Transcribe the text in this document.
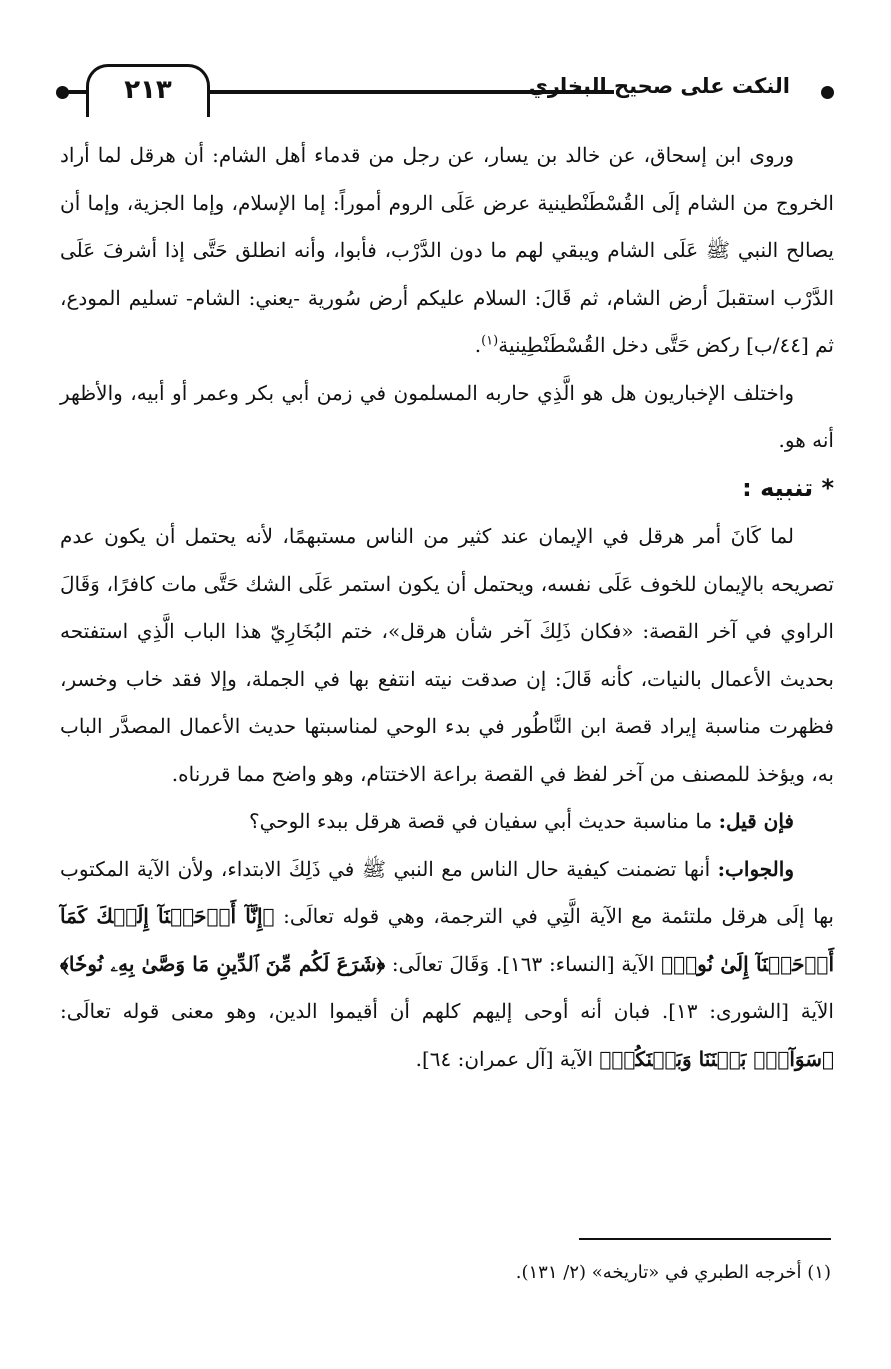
٢١٣	النكت على صحيح البخاري

وروى ابن إسحاق، عن خالد بن يسار، عن رجل من قدماء أهل الشام: أن هرقل لما أراد الخروج من الشام إلَى القُسْطَنْطينية عرض عَلَى الروم أموراً: إما الإسلام، وإما الجزية، وإما أن يصالح النبي ﷺ عَلَى الشام ويبقي لهم ما دون الدَّرْب، فأبوا، وأنه انطلق حَتَّى إذا أشرفَ عَلَى الدَّرْب استقبلَ أرض الشام، ثم قَالَ: السلام عليكم أرض سُورية -يعني: الشام- تسليم المودع، ثم [٤٤/ب] ركض حَتَّى دخل القُسْطَنْطِينية$^{(١)}$.

واختلف الإخباريون هل هو الَّذِي حاربه المسلمون في زمن أبي بكر وعمر أو أبيه، والأظهر أنه هو.

* تنبيه :

لما كَانَ أمر هرقل في الإيمان عند كثير من الناس مستبهمًا، لأنه يحتمل أن يكون عدم تصريحه بالإيمان للخوف عَلَى نفسه، ويحتمل أن يكون استمر عَلَى الشك حَتَّى مات كافرًا، وَقَالَ الراوي في آخر القصة: «فكان ذَلِكَ آخر شأن هرقل»، ختم البُخَارِيّ هذا الباب الَّذِي استفتحه بحديث الأعمال بالنيات، كأنه قَالَ: إن صدقت نيته انتفع بها في الجملة، وإلا فقد خاب وخسر، فظهرت مناسبة إيراد قصة ابن النَّاطُور في بدء الوحي لمناسبتها حديث الأعمال المصدَّر الباب به، ويؤخذ للمصنف من آخر لفظ في القصة براعة الاختتام، وهو واضح مما قررناه.

فإن قيل: ما مناسبة حديث أبي سفيان في قصة هرقل ببدء الوحي؟

والجواب: أنها تضمنت كيفية حال الناس مع النبي ﷺ في ذَلِكَ الابتداء، ولأن الآية المكتوب بها إلَى هرقل ملتئمة مع الآية الَّتِي في الترجمة، وهي قوله تعالَى: ﴿إِنَّآ أَوۡحَيۡنَآ إِلَيۡكَ كَمَآ أَوۡحَيۡنَآ إِلَىٰ نُوحٖ﴾ الآية [النساء: ١٦٣]. وَقَالَ تعالَى: ﴿شَرَعَ لَكُم مِّنَ ٱلدِّينِ مَا وَصَّىٰ بِهِۦ نُوحٗا﴾ الآية [الشورى: ١٣]. فبان أنه أوحى إليهم كلهم أن أقيموا الدين، وهو معنى قوله تعالَى: ﴿سَوَآءِۭ بَيۡنَنَا وَبَيۡنَكُمۡ﴾ الآية [آل عمران: ٦٤].

(١) أخرجه الطبري في «تاريخه» (٢/ ١٣١).
